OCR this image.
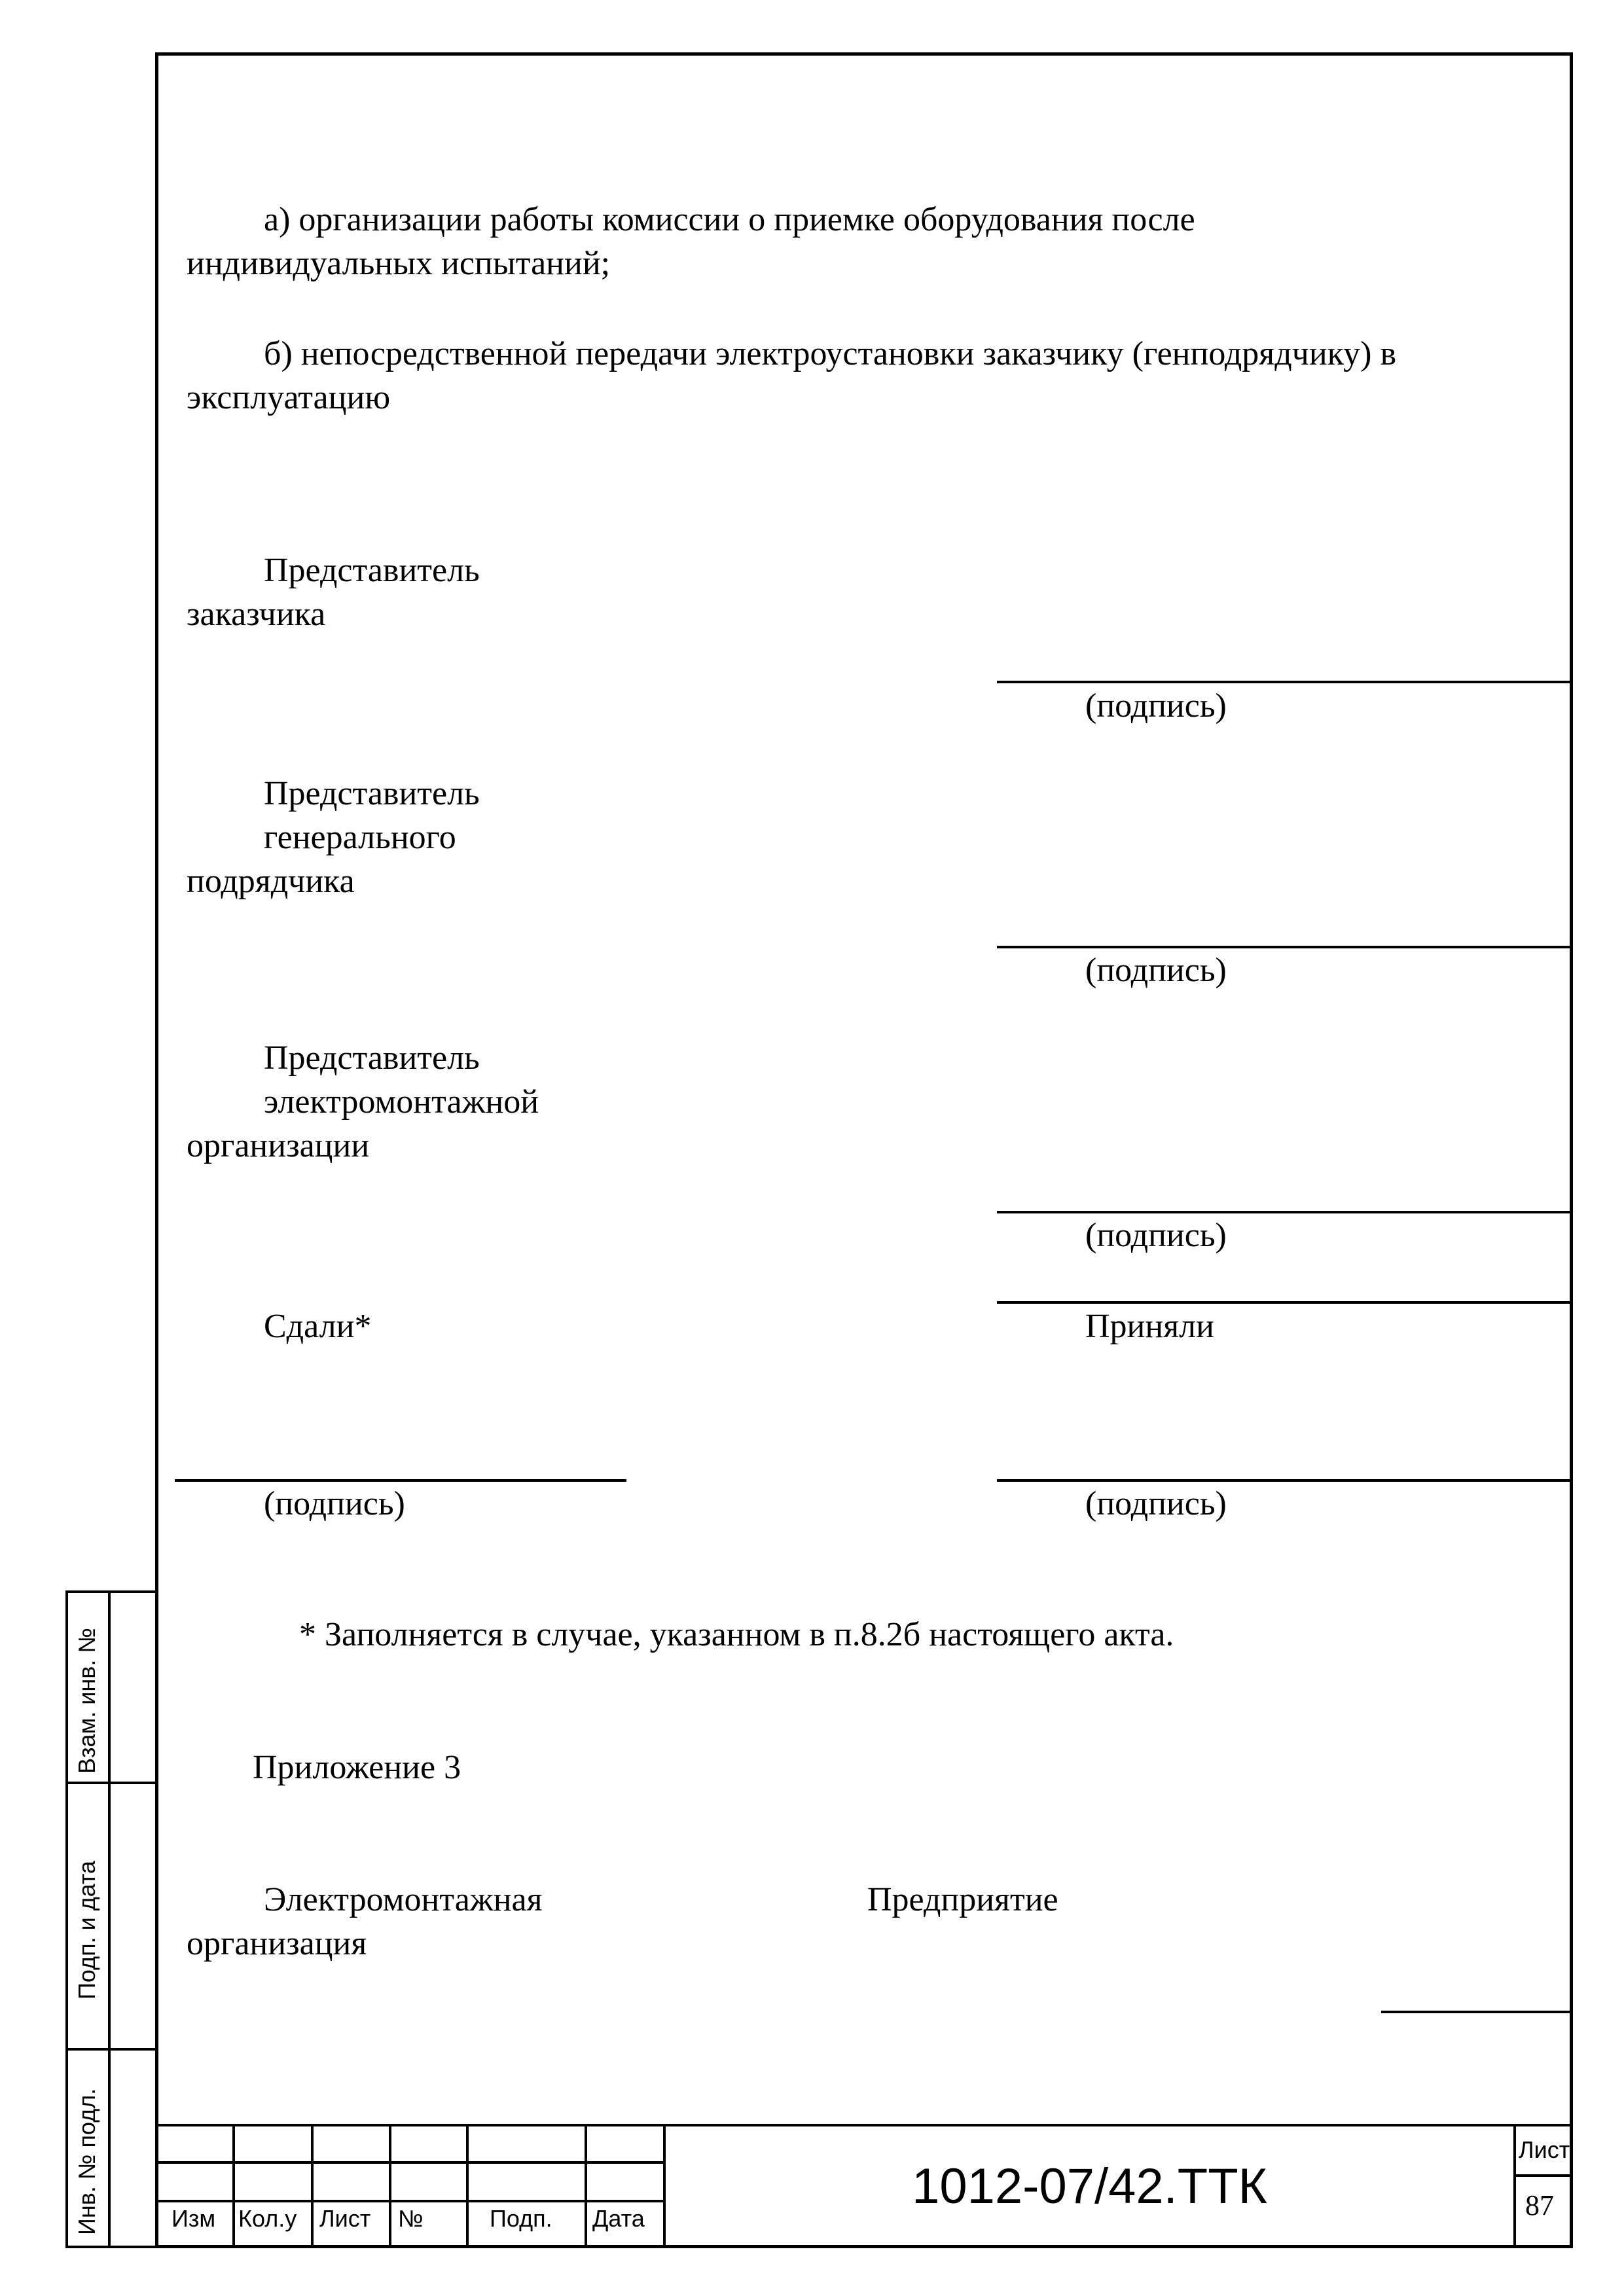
а) организации работы комиссии о приемке оборудования после
индивидуальных испытаний;
б) непосредственной передачи электроустановки заказчику (генподрядчику) в
эксплуатацию
Представитель
заказчика
(подпись)
Представитель
генерального
подрядчика
(подпись)
Представитель
электромонтажной
организации
(подпись)
Сдали*	Приняли
(подпись)	(подпись)
* Заполняется в случае, указанном в п.8.2б настоящего акта.
Приложение 3
Электромонтажная
организация
Предприятие
Взам. инв. №
Подп. и дата
Инв. № подл.	Изм Кол.у Лист №	Подп. Дата
1012-07/42.ТТК
Лист
87
